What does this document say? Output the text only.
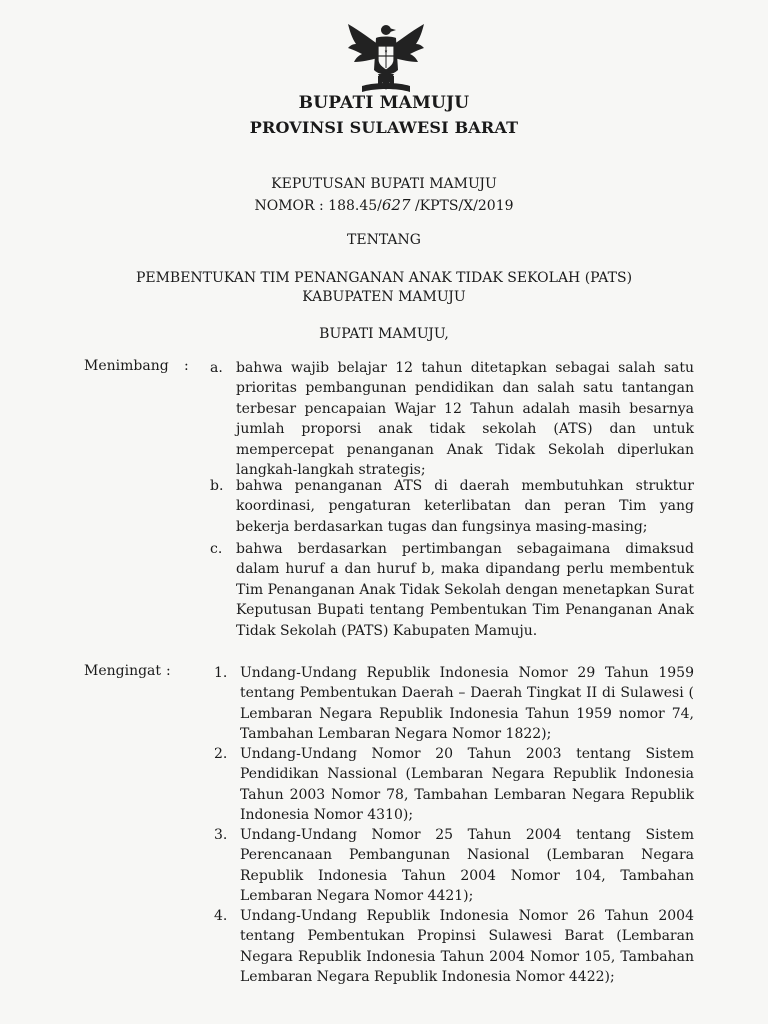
BUPATI MAMUJU
PROVINSI SULAWESI BARAT
KEPUTUSAN BUPATI MAMUJU
NOMOR : 188.45/627 /KPTS/X/2019
TENTANG
PEMBENTUKAN TIM PENANGANAN ANAK TIDAK SEKOLAH (PATS)
KABUPATEN MAMUJU
BUPATI MAMUJU,
Menimbang : a. bahwa wajib belajar 12 tahun ditetapkan sebagai salah satu prioritas pembangunan pendidikan dan salah satu tantangan terbesar pencapaian Wajar 12 Tahun adalah masih besarnya jumlah proporsi anak tidak sekolah (ATS) dan untuk mempercepat penanganan Anak Tidak Sekolah diperlukan langkah-langkah strategis;
b. bahwa penanganan ATS di daerah membutuhkan struktur koordinasi, pengaturan keterlibatan dan peran Tim yang bekerja berdasarkan tugas dan fungsinya masing-masing;
c. bahwa berdasarkan pertimbangan sebagaimana dimaksud dalam huruf a dan huruf b, maka dipandang perlu membentuk Tim Penanganan Anak Tidak Sekolah dengan menetapkan Surat Keputusan Bupati tentang Pembentukan Tim Penanganan Anak Tidak Sekolah (PATS) Kabupaten Mamuju.
Mengingat :	1. Undang-Undang Republik Indonesia Nomor 29 Tahun 1959 tentang Pembentukan Daerah – Daerah Tingkat II di Sulawesi ( Lembaran Negara Republik Indonesia Tahun 1959 nomor 74, Tambahan Lembaran Negara Nomor 1822);
2. Undang-Undang Nomor 20 Tahun 2003 tentang Sistem Pendidikan Nassional (Lembaran Negara Republik Indonesia Tahun 2003 Nomor 78, Tambahan Lembaran Negara Republik Indonesia Nomor 4310);
3. Undang-Undang Nomor 25 Tahun 2004 tentang Sistem Perencanaan Pembangunan Nasional (Lembaran Negara Republik Indonesia Tahun 2004 Nomor 104, Tambahan Lembaran Negara Nomor 4421);
4. Undang-Undang Republik Indonesia Nomor 26 Tahun 2004 tentang Pembentukan Propinsi Sulawesi Barat (Lembaran Negara Republik Indonesia Tahun 2004 Nomor 105, Tambahan Lembaran Negara Republik Indonesia Nomor 4422);
